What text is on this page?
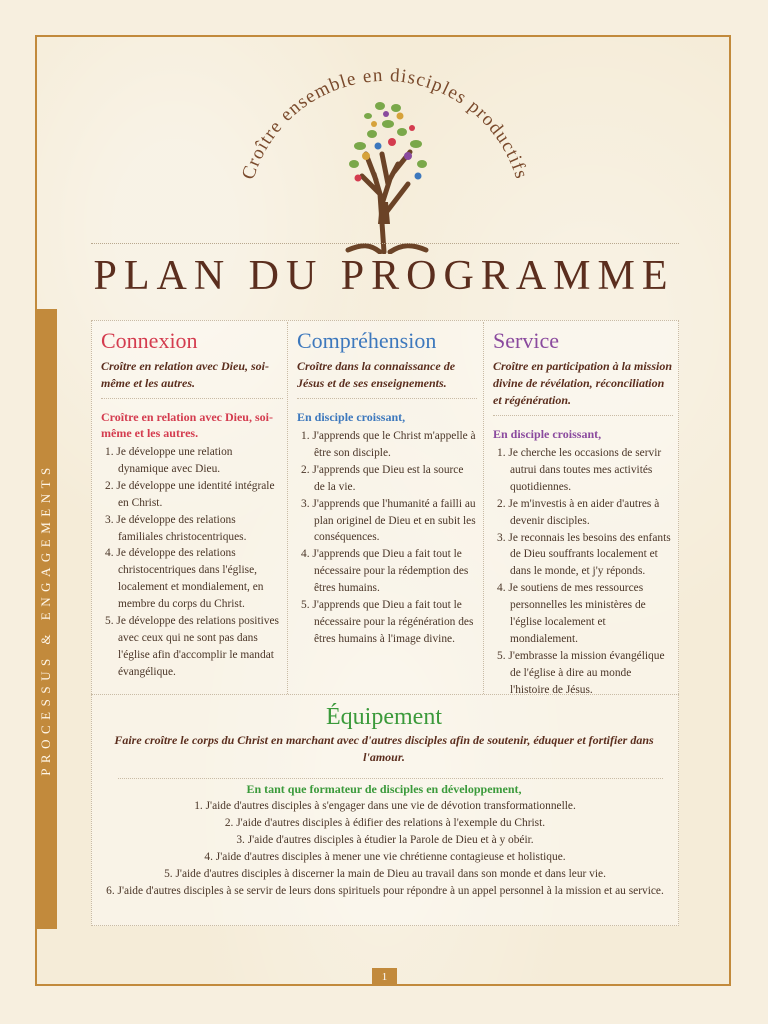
PROCESSUS & ENGAGEMENTS
Croître ensemble en disciples productifs
PLAN DU PROGRAMME
Connexion

Croître en relation avec Dieu, soi-même et les autres.

Croître en relation avec Dieu, soi-même et les autres.

1. Je développe une relation dynamique avec Dieu.
2. Je développe une identité intégrale en Christ.
3. Je développe des relations familiales christocentriques.
4. Je développe des relations christocentriques dans l'église, localement et mondialement, en membre du corps du Christ.
5. Je développe des relations positives avec ceux qui ne sont pas dans l'église afin d'accomplir le mandat évangélique.
Compréhension

Croître dans la connaissance de Jésus et de ses enseignements.

En disciple croissant,

1. J'apprends que le Christ m'appelle à être son disciple.
2. J'apprends que Dieu est la source de la vie.
3. J'apprends que l'humanité a failli au plan originel de Dieu et en subit les conséquences.
4. J'apprends que Dieu a fait tout le nécessaire pour la rédemption des êtres humains.
5. J'apprends que Dieu a fait tout le nécessaire pour la régénération des êtres humains à l'image divine.
Service

Croître en participation à la mission divine de révélation, réconciliation et régénération.

En disciple croissant,

1. Je cherche les occasions de servir autrui dans toutes mes activités quotidiennes.
2. Je m'investis à en aider d'autres à devenir disciples.
3. Je reconnais les besoins des enfants de Dieu souffrants localement et dans le monde, et j'y réponds.
4. Je soutiens de mes ressources personnelles les ministères de l'église localement et mondialement.
5. J'embrasse la mission évangélique de l'église à dire au monde l'histoire de Jésus.
Équipement
Faire croître le corps du Christ en marchant avec d'autres disciples afin de soutenir, éduquer et fortifier dans l'amour.
En tant que formateur de disciples en développement,
1. J'aide d'autres disciples à s'engager dans une vie de dévotion transformationnelle.
2. J'aide d'autres disciples à édifier des relations à l'exemple du Christ.
3. J'aide d'autres disciples à étudier la Parole de Dieu et à y obéir.
4. J'aide d'autres disciples à mener une vie chrétienne contagieuse et holistique.
5. J'aide d'autres disciples à discerner la main de Dieu au travail dans son monde et dans leur vie.
6. J'aide d'autres disciples à se servir de leurs dons spirituels pour répondre à un appel personnel à la mission et au service.
1
